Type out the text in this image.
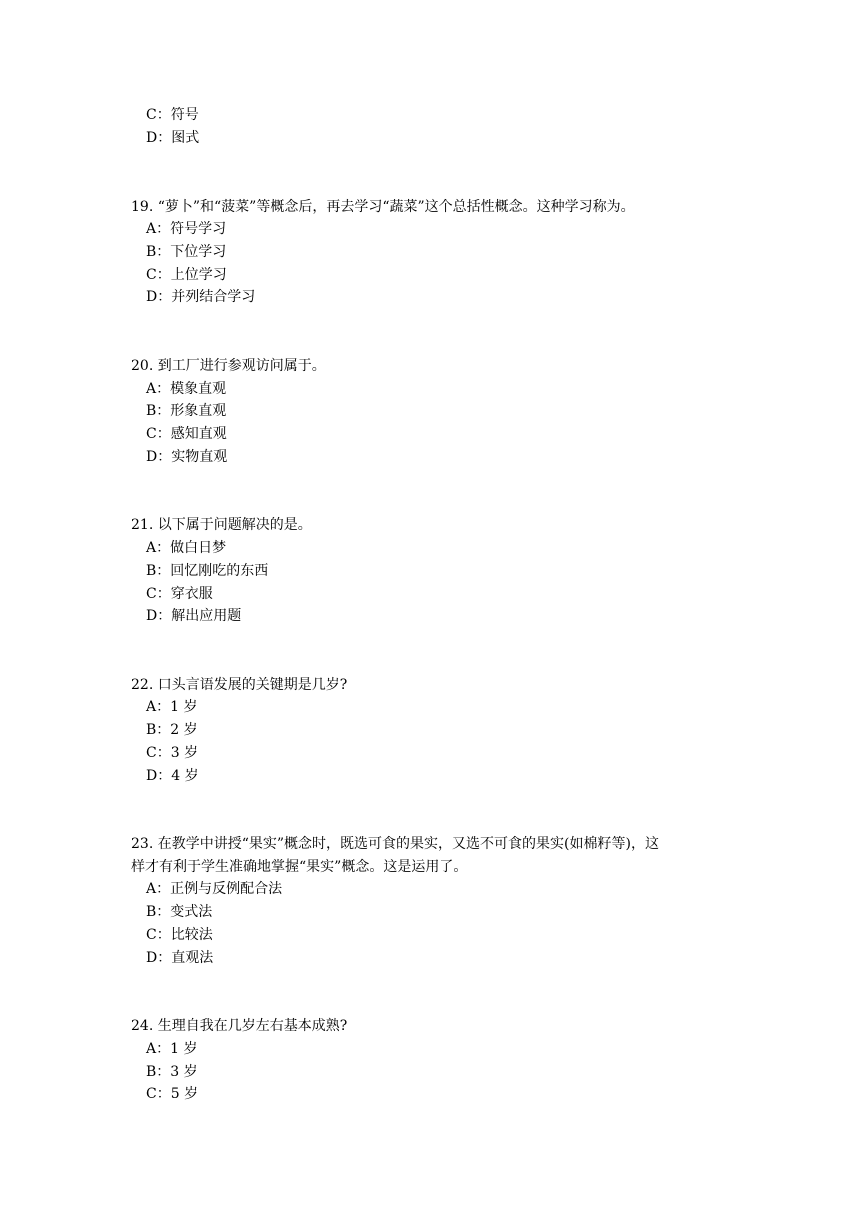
C：符号
D：图式
19. “萝卜”和“菠菜”等概念后，再去学习“蔬菜”这个总括性概念。这种学习称为。
A：符号学习
B：下位学习
C：上位学习
D：并列结合学习
20. 到工厂进行参观访问属于。
A：模象直观
B：形象直观
C：感知直观
D：实物直观
21. 以下属于问题解决的是。
A：做白日梦
B：回忆刚吃的东西
C：穿衣服
D：解出应用题
22. 口头言语发展的关键期是几岁?
A：1 岁
B：2 岁
C：3 岁
D：4 岁
23. 在教学中讲授“果实”概念时，既选可食的果实，又选不可食的果实(如棉籽等)，这
样才有利于学生准确地掌握“果实”概念。这是运用了。
A：正例与反例配合法
B：变式法
C：比较法
D：直观法
24. 生理自我在几岁左右基本成熟?
A：1 岁
B：3 岁
C：5 岁
